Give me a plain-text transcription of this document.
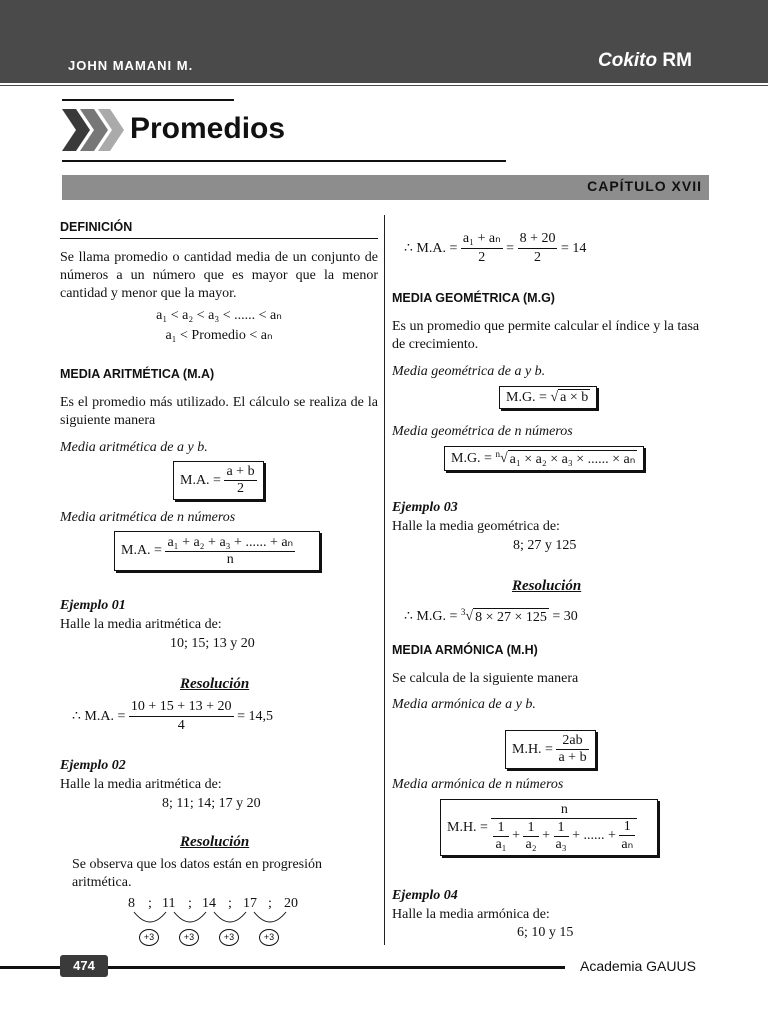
JOHN MAMANI M.	Cokito RM
Promedios
CAPÍTULO XVII
DEFINICIÓN
Se llama promedio o cantidad media de un conjunto de números a un número que es mayor que la menor cantidad y menor que la mayor.
a₁ < a₂ < a₃ < ...... < aₙ
a₁ < Promedio < aₙ
MEDIA ARITMÉTICA (M.A)
Es el promedio más utilizado. El cálculo se realiza de la siguiente manera
Media aritmética de a y b.
M.A. = $\frac{a + b}{2}$
Media aritmética de n números
M.A. = $\frac{\text{a₁ + a₂ + a₃ + ...... + aₙ}}{n}$
Ejemplo 01
Halle la media aritmética de:
10; 15; 13 y 20
Resolución
∴ M.A. = $\frac{10 + 15 + 13 + 20}{4} = 14,5$
Ejemplo 02
Halle la media aritmética de:
8; 11; 14; 17 y 20
Resolución
Se observa que los datos están en progresión aritmética.
8 ; 11 ; 14 ; 17 ; 20
+3	+3	+3	+3
∴ M.A. = $\frac{\text{a₁ + aₙ}}{2} = \frac{8 + 20}{2} = 14$
MEDIA GEOMÉTRICA (M.G)
Es un promedio que permite calcular el índice y la tasa de crecimiento.
Media geométrica de a y b.
M.G. = √ a × b
Media geométrica de n números
M.G. = $^n$√ a₁ × a₂ × a₃ × ...... × aₙ
Ejemplo 03
Halle la media geométrica de:
8; 27 y 125
Resolución
∴ M.G. = $^3$√ 8 × 27 × 125 = 30
MEDIA ARMÓNICA (M.H)
Se calcula de la siguiente manera
Media armónica de a y b.
M.H. = $\frac{2ab}{a + b}$
Media armónica de n números
M.H. =
n
$\frac{1}{\text{a₁}} + \frac{1}{\text{a₂}} + \frac{1}{\text{a₃}}$ + ...... + $\frac{1}{\text{aₙ}}$
Ejemplo 04
Halle la media armónica de:
6; 10 y 15
474	Academia GAUUS
